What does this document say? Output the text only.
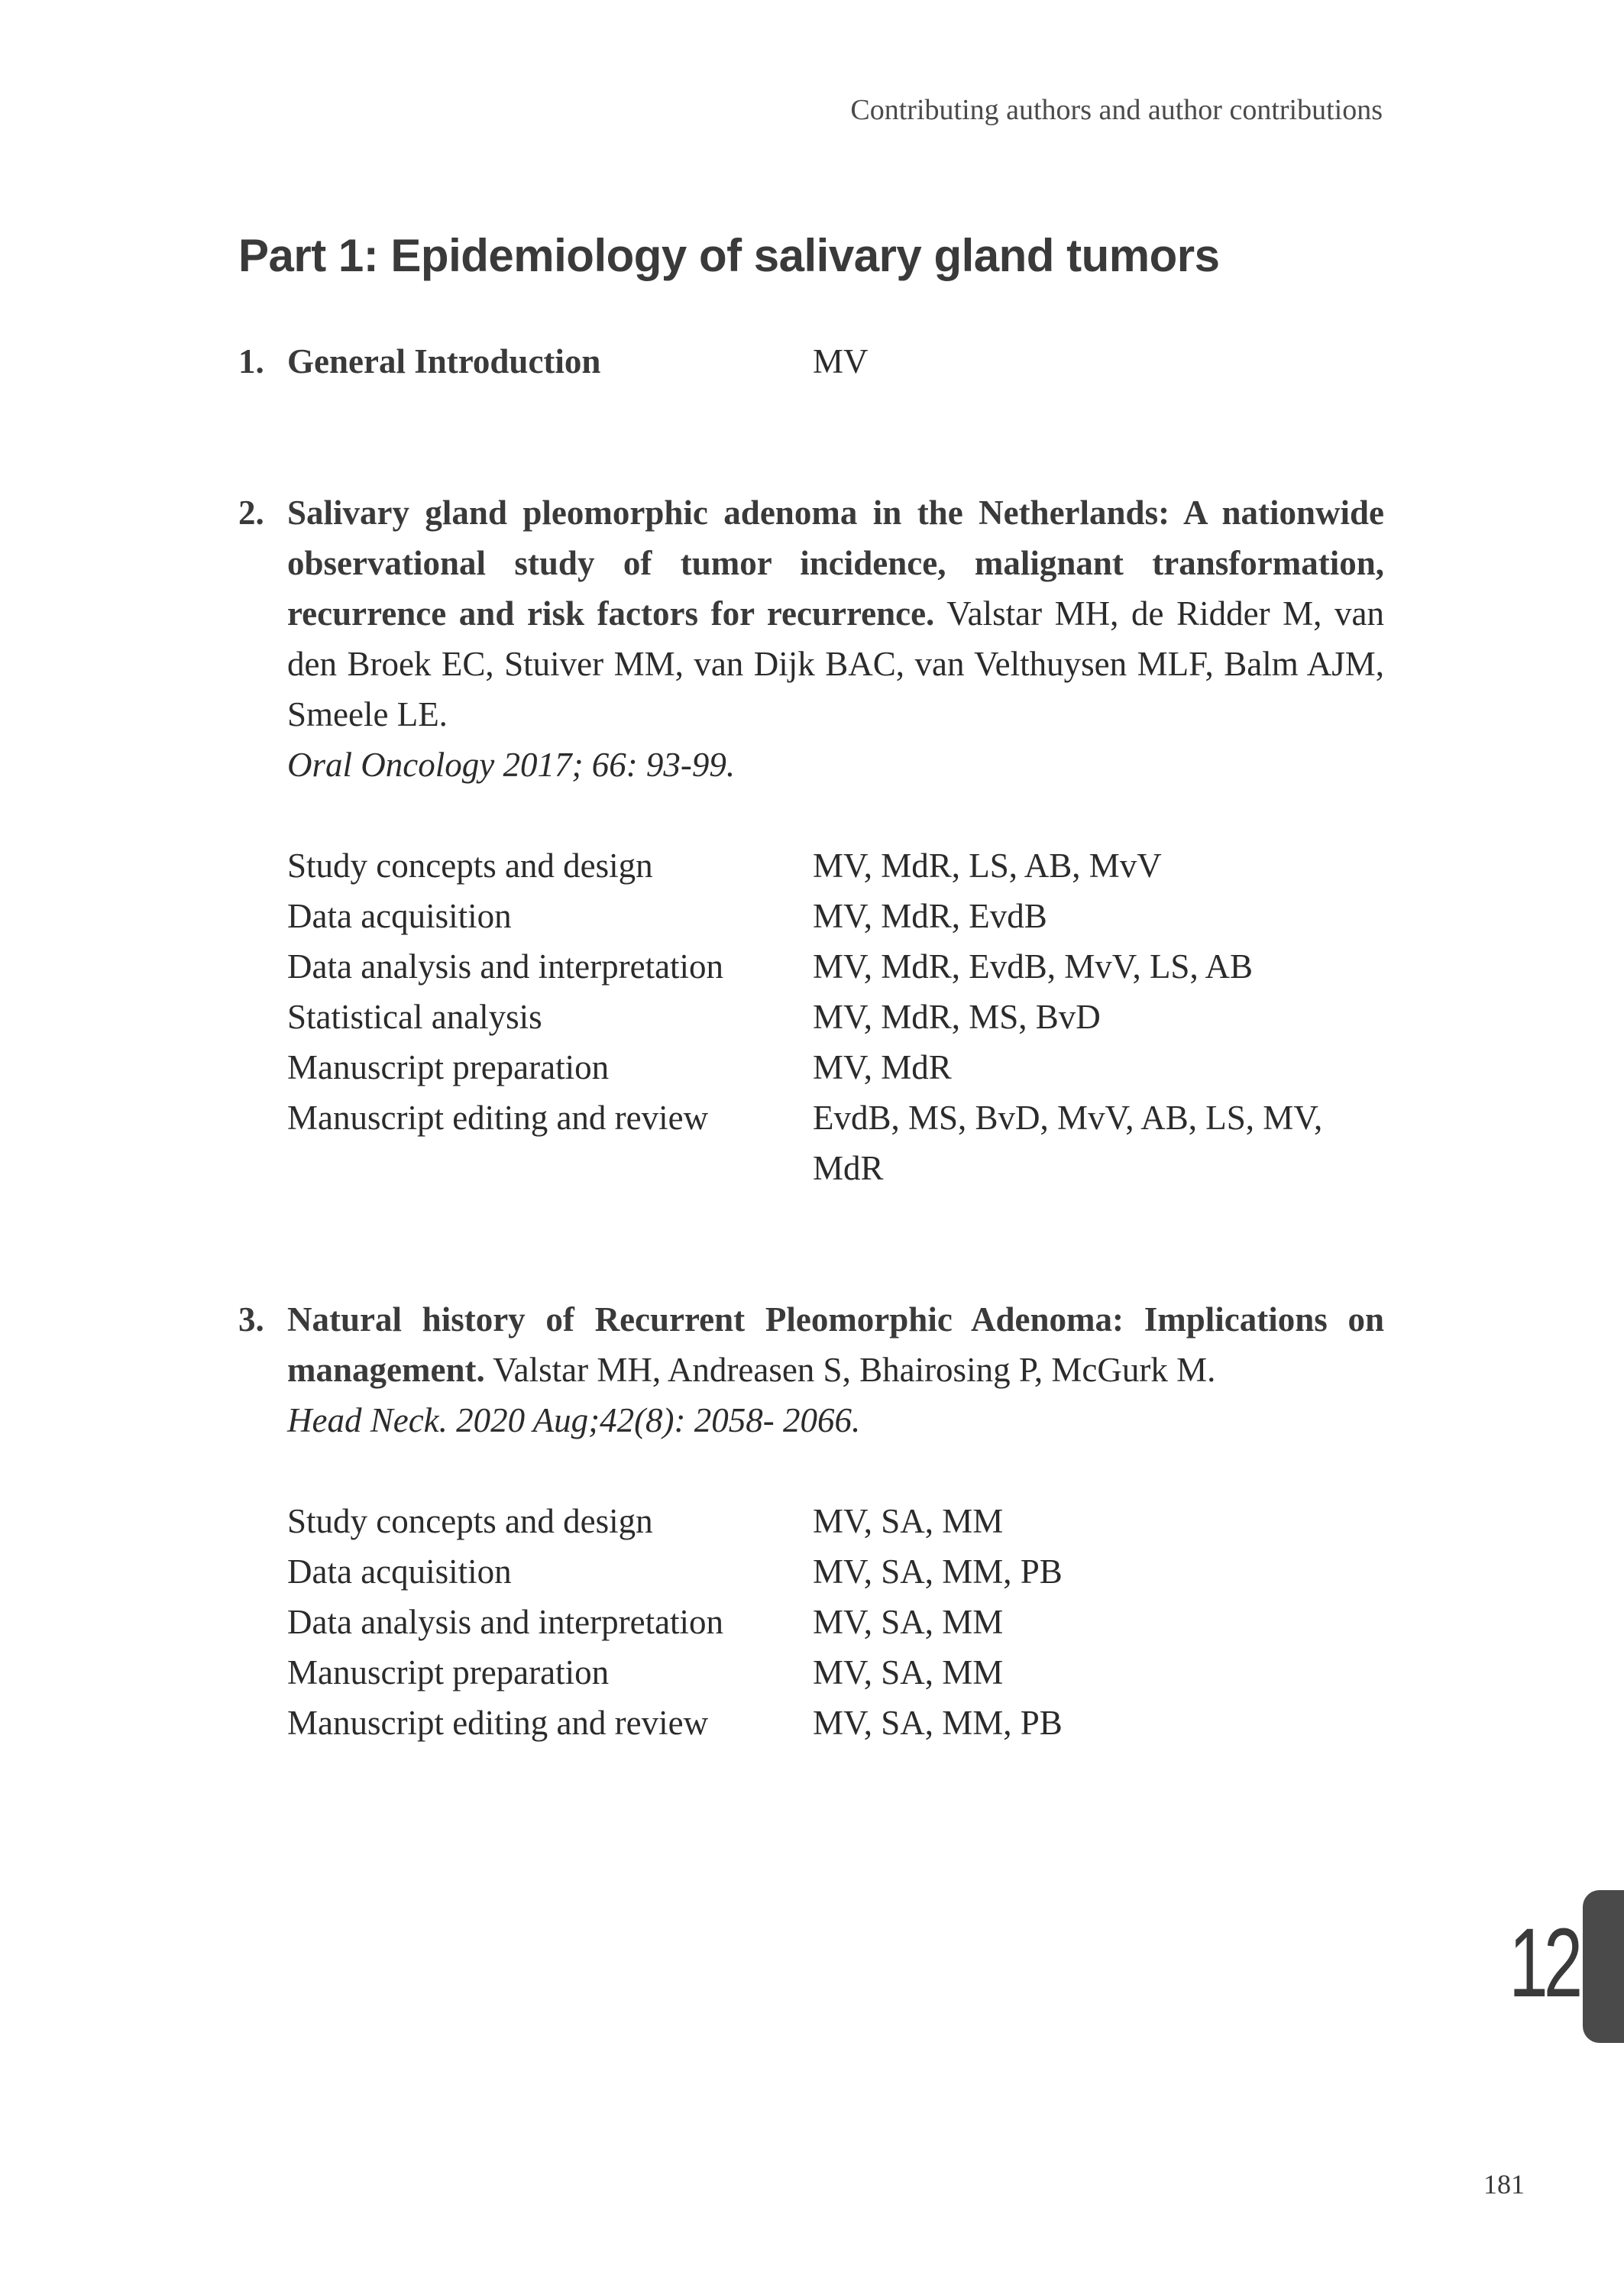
Contributing authors and author contributions
Part 1: Epidemiology of salivary gland tumors
1. General Introduction	MV
2. Salivary gland pleomorphic adenoma in the Netherlands: A nationwide observational study of tumor incidence, malignant transformation, recurrence and risk factors for recurrence. Valstar MH, de Ridder M, van den Broek EC, Stuiver MM, van Dijk BAC, van Velthuysen MLF, Balm AJM, Smeele LE.
Oral Oncology 2017; 66: 93-99.
Study concepts and design	MV, MdR, LS, AB, MvV
Data acquisition	MV, MdR, EvdB
Data analysis and interpretation	MV, MdR, EvdB, MvV, LS, AB
Statistical analysis	MV, MdR, MS, BvD
Manuscript preparation	MV, MdR
Manuscript editing and review	EvdB, MS, BvD, MvV, AB, LS, MV, MdR
3. Natural history of Recurrent Pleomorphic Adenoma: Implications on management. Valstar MH, Andreasen S, Bhairosing P, McGurk M.
Head Neck. 2020 Aug;42(8): 2058- 2066.
Study concepts and design	MV, SA, MM
Data acquisition	MV, SA, MM, PB
Data analysis and interpretation	MV, SA, MM
Manuscript preparation	MV, SA, MM
Manuscript editing and review	MV, SA, MM, PB
12
181
